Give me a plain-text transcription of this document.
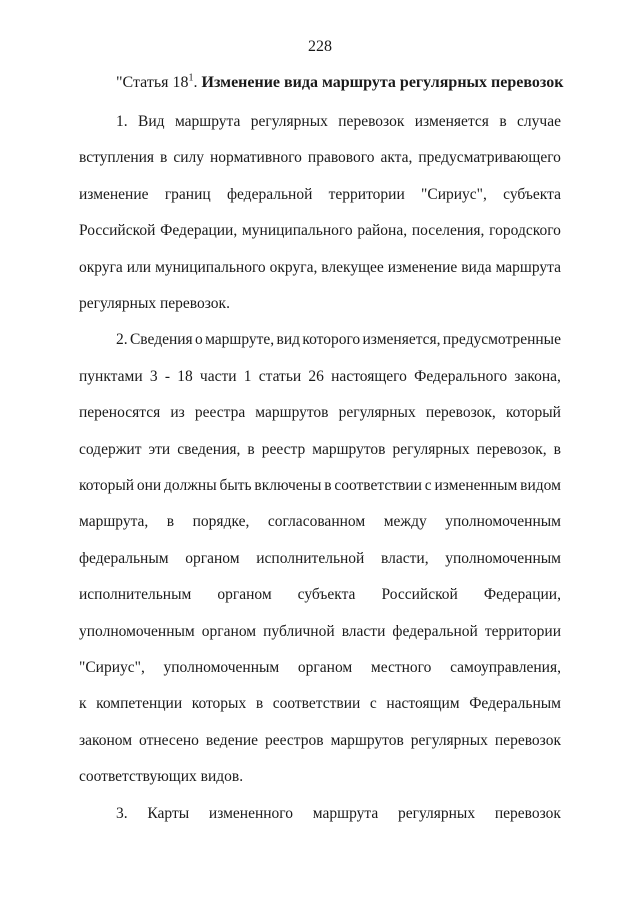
228
"Статья $18^1$. Изменение вида маршрута регулярных перевозок
1. Вид маршрута регулярных перевозок изменяется в случае
вступления в силу нормативного правового акта, предусматривающего
изменение границ федеральной территории "Сириус", субъекта
Российской Федерации, муниципального района, поселения, городского
округа или муниципального округа, влекущее изменение вида маршрута
регулярных перевозок.
2. Сведения о маршруте, вид которого изменяется, предусмотренные
пунктами 3 - 18 части 1 статьи 26 настоящего Федерального закона,
переносятся из реестра маршрутов регулярных перевозок, который
содержит эти сведения, в реестр маршрутов регулярных перевозок, в
который они должны быть включены в соответствии с измененным видом
маршрута, в порядке, согласованном между уполномоченным
федеральным органом исполнительной власти, уполномоченным
исполнительным органом субъекта Российской Федерации,
уполномоченным органом публичной власти федеральной территории
"Сириус", уполномоченным органом местного самоуправления,
к компетенции которых в соответствии с настоящим Федеральным
законом отнесено ведение реестров маршрутов регулярных перевозок
соответствующих видов.
3. Карты измененного маршрута регулярных перевозок
